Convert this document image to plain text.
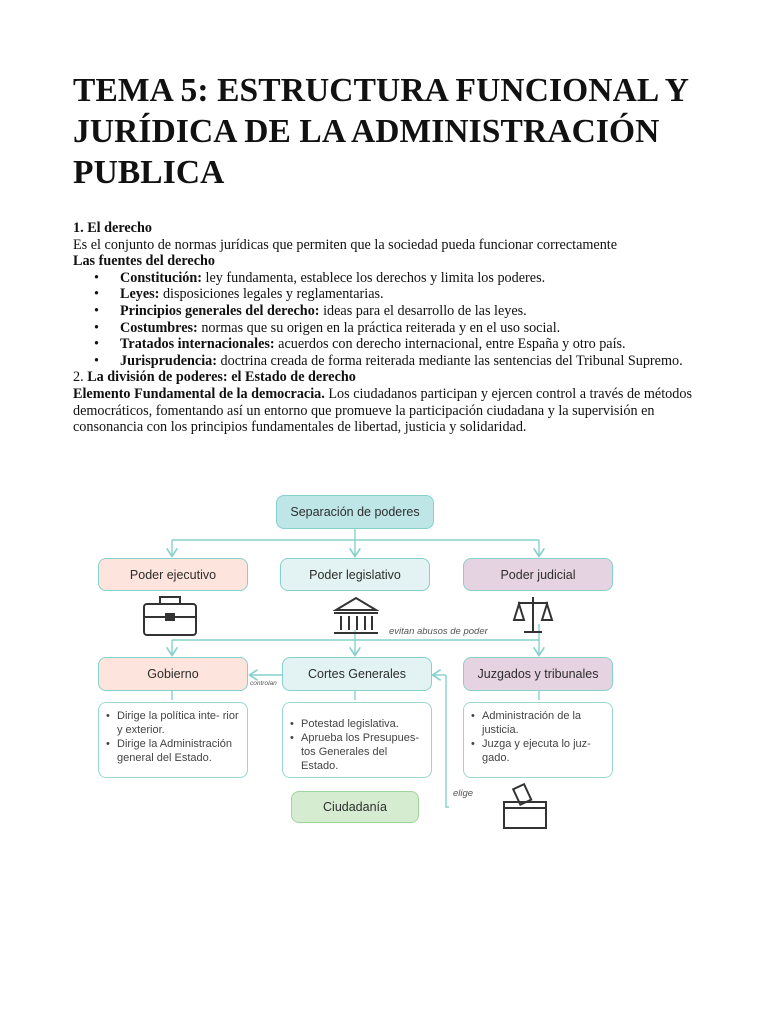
TEMA 5: ESTRUCTURA FUNCIONAL Y JURÍDICA DE LA ADMINISTRACIÓN PUBLICA

1. El derecho

Es el conjunto de normas jurídicas que permiten que la sociedad pueda funcionar correctamente

Las fuentes del derecho

• Constitución: ley fundamenta, establece los derechos y limita los poderes.
• Leyes: disposiciones legales y reglamentarias.
• Principios generales del derecho: ideas para el desarrollo de las leyes.
• Costumbres: normas que su origen en la práctica reiterada y en el uso social.
• Tratados internacionales: acuerdos con derecho internacional, entre España y otro país.
• Jurisprudencia: doctrina creada de forma reiterada mediante las sentencias del Tribunal Supremo.

2. La división de poderes: el Estado de derecho

Elemento Fundamental de la democracia. Los ciudadanos participan y ejercen control a través de métodos democráticos, fomentando así un entorno que promueve la participación ciudadana y la supervisión en consonancia con los principios fundamentales de libertad, justicia y solidaridad.

Separación de poderes
Poder ejecutivo	Poder legislativo	Poder judicial
evitan abusos de poder
controlan
Gobierno	Cortes Generales	Juzgados y tribunales
• Dirige la política inte- rior y exterior.
• Dirige la Administración general del Estado.
• Potestad legislativa.
• Aprueba los Presupues- tos Generales del Estado.
• Administración de la justicia.
• Juzga y ejecuta lo juz- gado.
elige
Ciudadanía
